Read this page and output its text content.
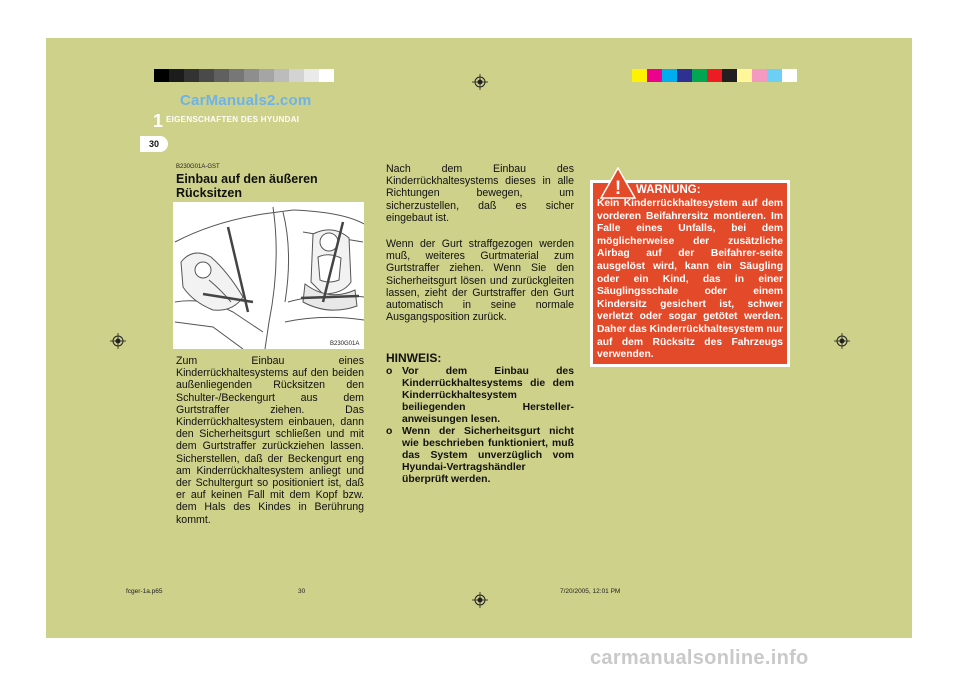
CarManuals2.com
1 EIGENSCHAFTEN DES HYUNDAI
30
B230G01A-GST
Einbau auf den äußeren
Rücksitzen
B230G01A

Zum Einbau eines Kinderrückhaltesystems auf den beiden außenliegenden Rücksitzen den Schulter-/Beckengurt aus dem Gurtstraffer ziehen. Das Kinderrückhaltesystem einbauen, dann den Sicherheitsgurt schließen und mit dem Gurtstraffer zurückziehen lassen. Sicherstellen, daß der Beckengurt eng am Kinderrückhaltesystem anliegt und der Schultergurt so positioniert ist, daß er auf keinen Fall mit dem Kopf bzw. dem Hals des Kindes in Berührung kommt.

Nach dem Einbau des Kinderrückhaltesystems dieses in alle Richtungen bewegen, um sicherzustellen, daß es sicher eingebaut ist.

Wenn der Gurt straffgezogen werden muß, weiteres Gurtmaterial zum Gurtstraffer ziehen. Wenn Sie den Sicherheitsgurt lösen und zurückgleiten lassen, zieht der Gurtstraffer den Gurt automatisch in seine normale Ausgangsposition zurück.

HINWEIS:
o Vor dem Einbau des Kinderrückhaltesystems die dem Kinderrückhaltesystem beiliegenden Hersteller-anweisungen lesen.
o Wenn der Sicherheitsgurt nicht wie beschrieben funktioniert, muß das System unverzüglich vom Hyundai-Vertragshändler überprüft werden.
! WARNUNG:

Kein Kinderrückhaltesystem auf dem vorderen Beifahrersitz montieren. Im Falle eines Unfalls, bei dem möglicherweise der zusätzliche Airbag auf der Beifahrer-seite ausgelöst wird, kann ein Säugling oder ein Kind, das in einer Säuglingsschale oder einem Kindersitz gesichert ist, schwer verletzt oder sogar getötet werden. Daher das Kinderrückhaltesystem nur auf dem Rücksitz des Fahrzeugs verwenden.

fcger-1a.p65	30	7/20/2005, 12:01 PM
carmanualsonline.info
